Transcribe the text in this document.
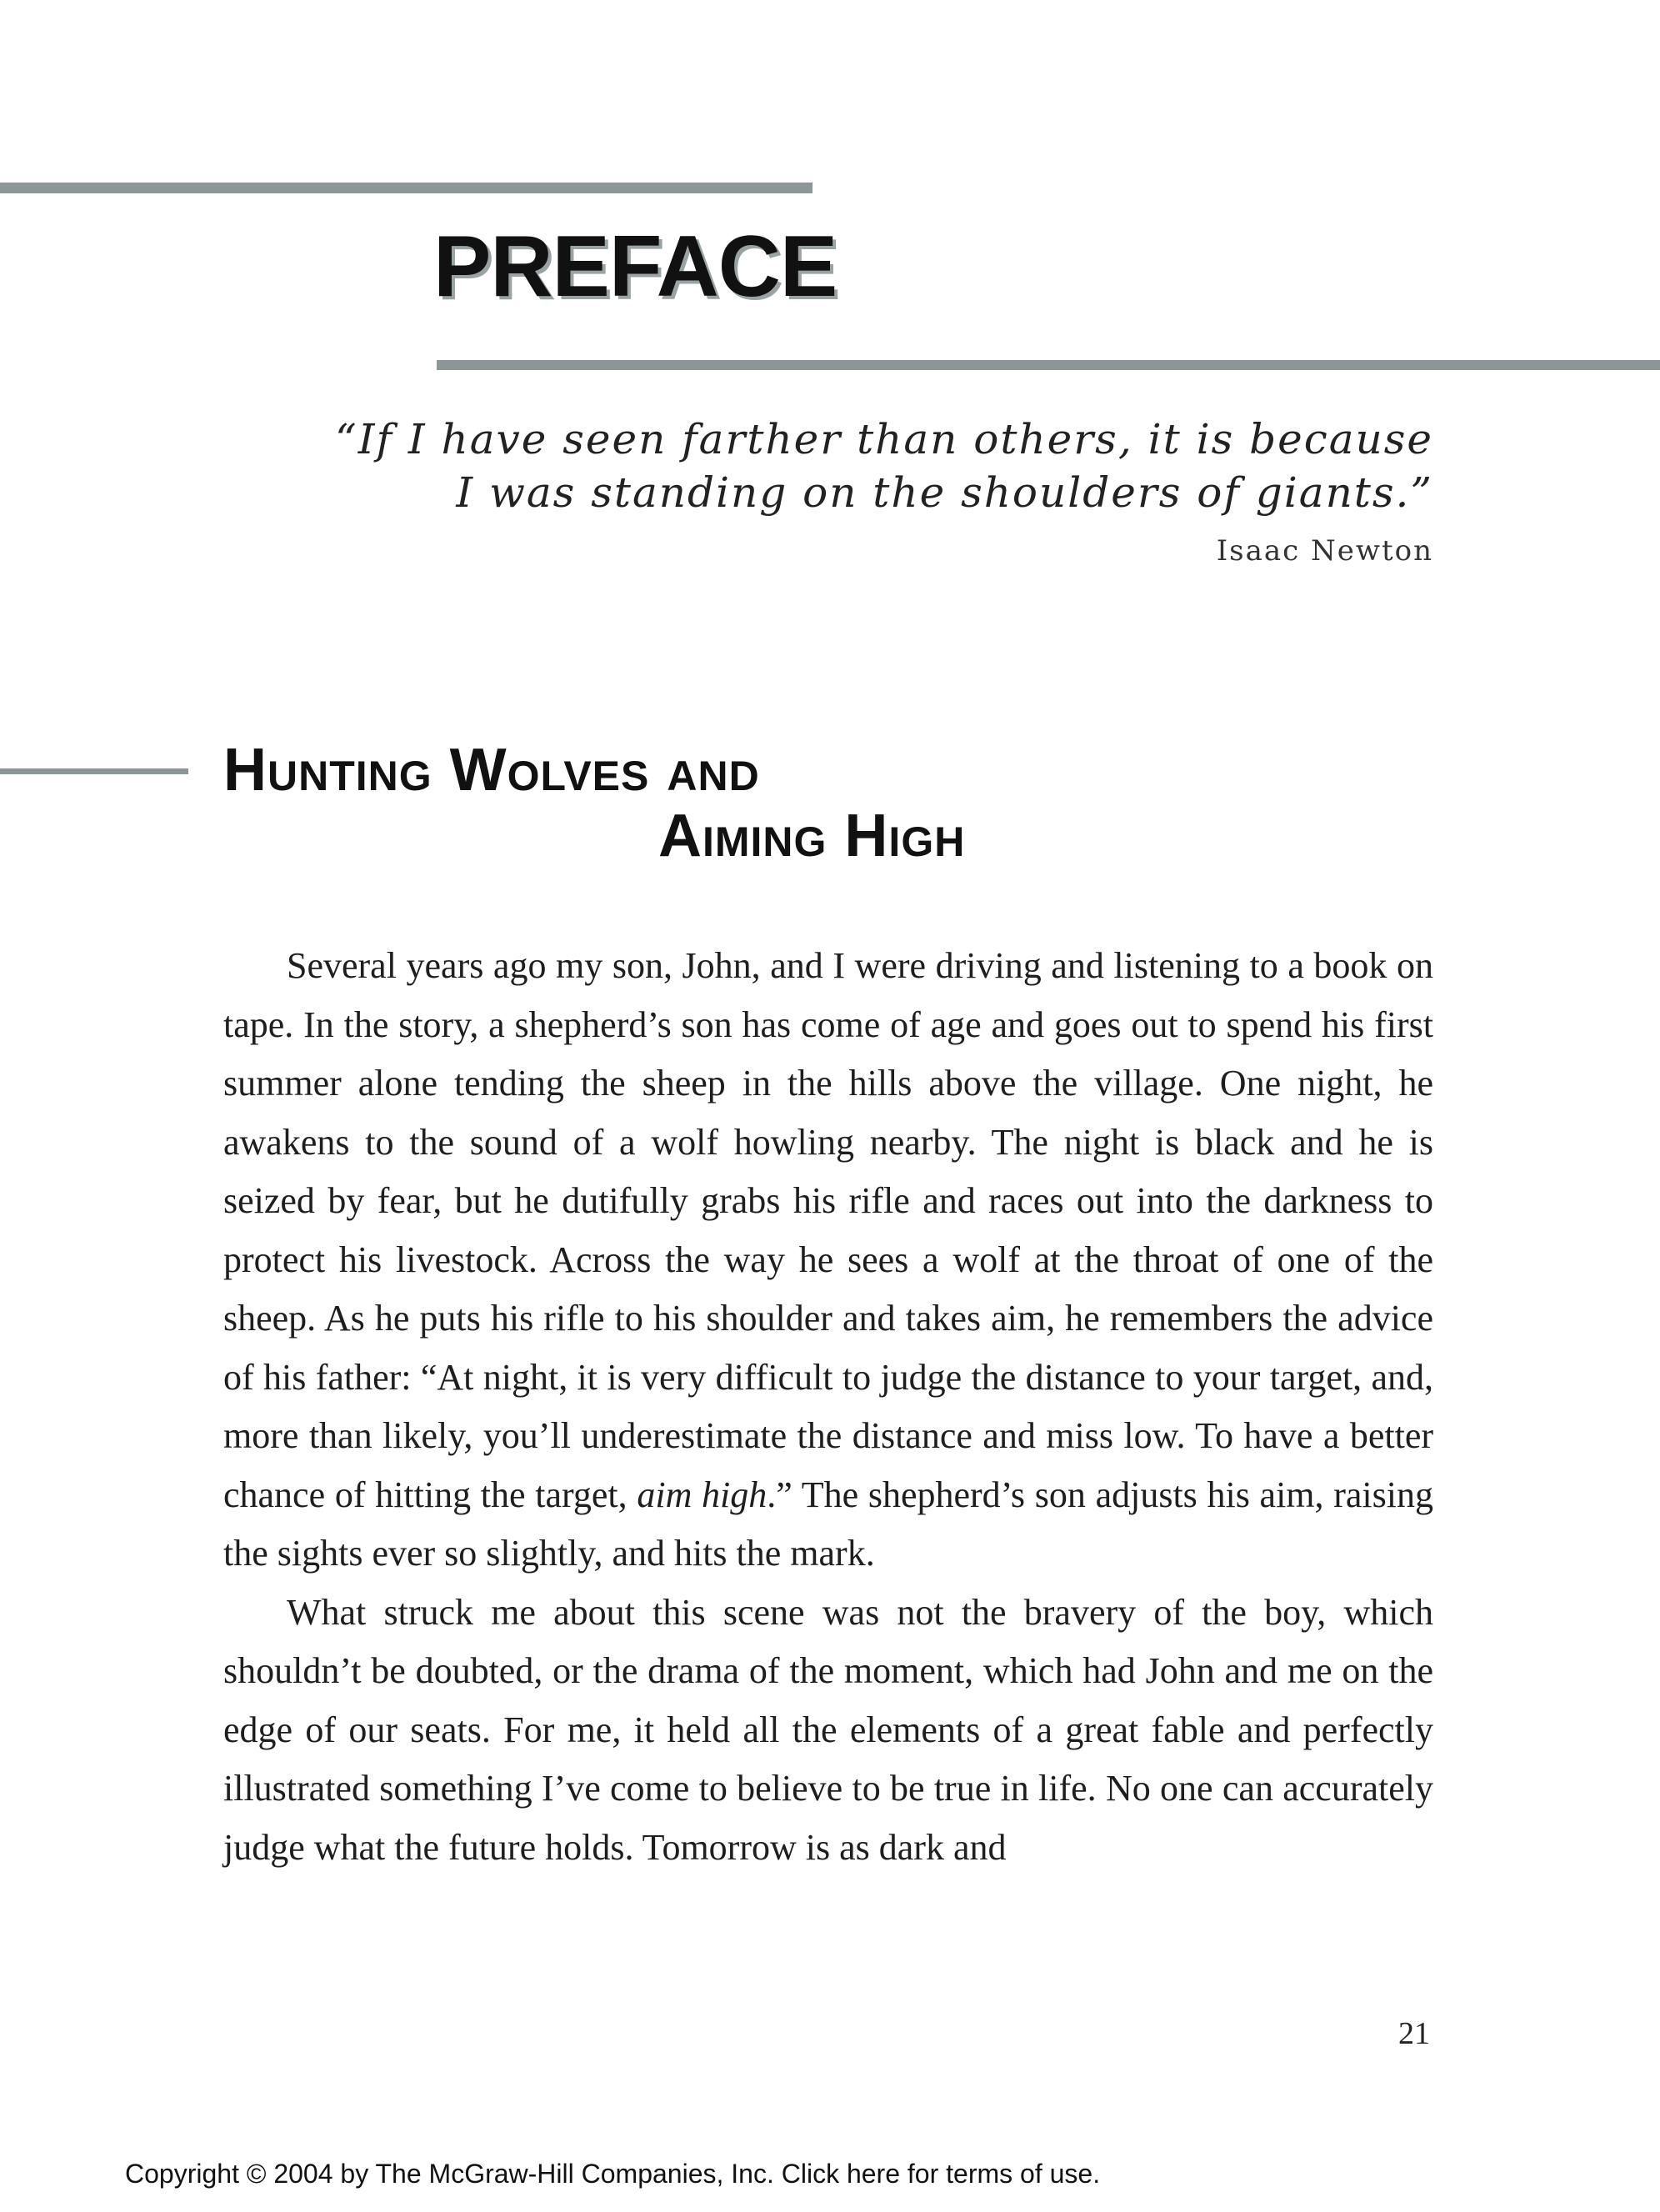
PREFACE

“If I have seen farther than others, it is because

I was standing on the shoulders of giants.”

Isaac Newton

Hunting Wolves and
Aiming High

Several years ago my son, John, and I were driving and listening to a book on tape. In the story, a shepherd’s son has come of age and goes out to spend his first summer alone tending the sheep in the hills above the village. One night, he awakens to the sound of a wolf howling nearby. The night is black and he is seized by fear, but he dutifully grabs his rifle and races out into the darkness to protect his livestock. Across the way he sees a wolf at the throat of one of the sheep. As he puts his rifle to his shoulder and takes aim, he remembers the advice of his father: “At night, it is very difficult to judge the distance to your target, and, more than likely, you’ll underestimate the distance and miss low. To have a better chance of hitting the target, aim high.” The shepherd’s son adjusts his aim, raising the sights ever so slightly, and hits the mark.

What struck me about this scene was not the bravery of the boy, which shouldn’t be doubted, or the drama of the moment, which had John and me on the edge of our seats. For me, it held all the elements of a great fable and perfectly illustrated something I’ve come to believe to be true in life. No one can accurately judge what the future holds. Tomorrow is as dark and

21

Copyright © 2004 by The McGraw-Hill Companies, Inc. Click here for terms of use.
